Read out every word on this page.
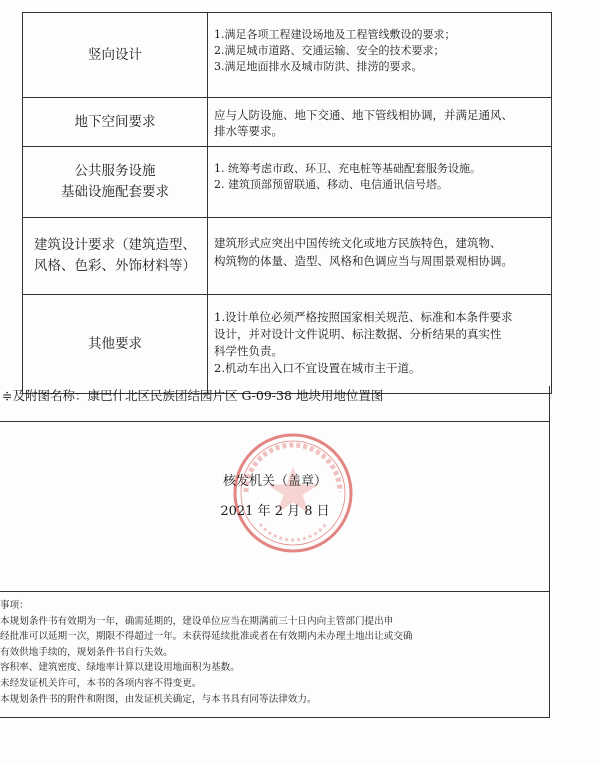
竖向设计
1.满足各项工程建设场地及工程管线敷设的要求；
2.满足城市道路、交通运输、安全的技术要求；
3.满足地面排水及城市防洪、排涝的要求。
地下空间要求	应与人防设施、地下交通、地下管线相协调，并满足通风、
排水等要求。
公共服务设施
基础设施配套要求
1. 统筹考虑市政、环卫、充电桩等基础配套服务设施。
2. 建筑顶部预留联通、移动、电信通讯信号塔。
建筑设计要求（建筑造型、
风格、色彩、外饰材料等）
建筑形式应突出中国传统文化或地方民族特色，建筑物、
构筑物的体量、造型、风格和色调应当与周围景观相协调。
其他要求
1.设计单位必须严格按照国家相关规范、标准和本条件要求
设计，并对设计文件说明、标注数据、分析结果的真实性
科学性负责。
2.机动车出入口不宜设置在城市主干道。
≑及附图名称：康巴什北区民族团结园片区 G-09-38 地块用地位置图
核发机关（盖章）
2021 年 2 月 8 日
事项：
本规划条件书有效期为一年，确需延期的，建设单位应当在期满前三十日内向主管部门提出申
经批准可以延期一次，期限不得超过一年。未获得延续批准或者在有效期内未办理土地出让或交确
有效供地手续的，规划条件书自行失效。
容积率、建筑密度、绿地率计算以建设用地面积为基数。
未经发证机关许可，本书的各项内容不得变更。
本规划条件书的附件和附图，由发证机关确定，与本书具有同等法律效力。
